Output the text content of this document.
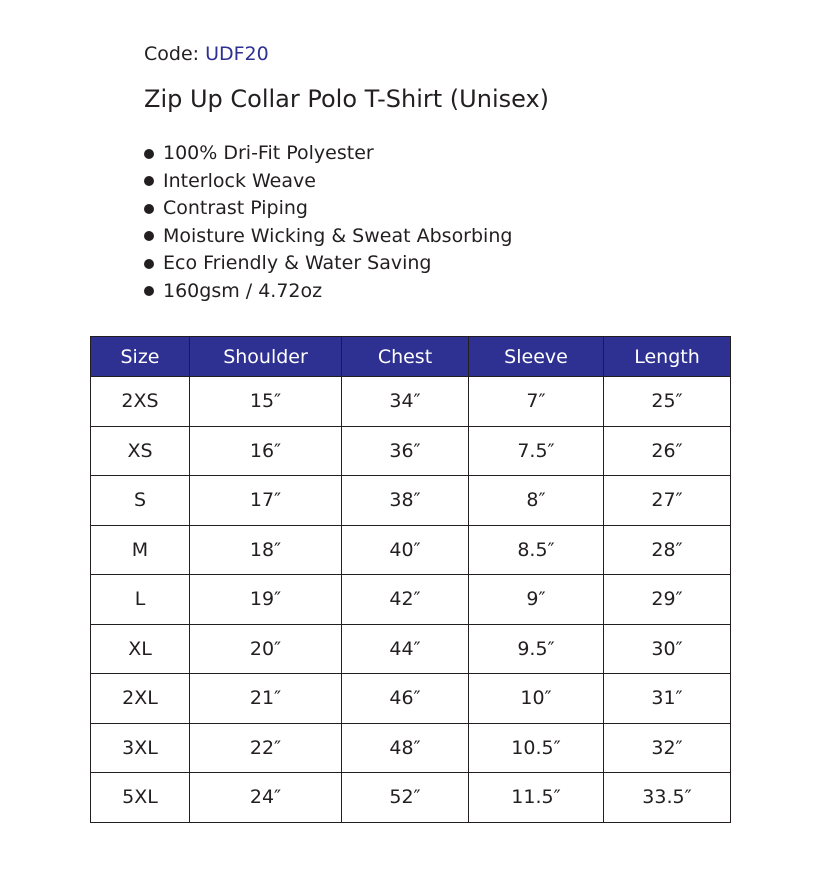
Code: UDF20
Zip Up Collar Polo T-Shirt (Unisex)
100% Dri-Fit Polyester
Interlock Weave
Contrast Piping
Moisture Wicking & Sweat Absorbing
Eco Friendly & Water Saving
160gsm / 4.72oz
Size	Shoulder	Chest	Sleeve	Length
2XS	15″	34″	7″	25″
XS	16″	36″	7.5″	26″
S	17″	38″	8″	27″
M	18″	40″	8.5″	28″
L	19″	42″	9″	29″
XL	20″	44″	9.5″	30″
2XL	21″	46″	10″	31″
3XL	22″	48″	10.5″	32″
5XL	24″	52″	11.5″	33.5″
